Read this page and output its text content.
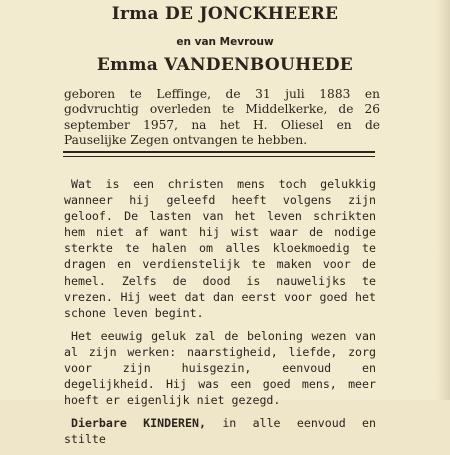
Irma DE JONCKHEERE
en van Mevrouw
Emma VANDENBOUHEDE
geboren te Leffinge, de 31 juli 1883 en godvruchtig overleden te Middelkerke, de 26 september 1957, na het H. Oliesel en de Pauselijke Zegen ontvangen te hebben.

 Wat is een christen mens toch gelukkig wanneer hij geleefd heeft volgens zijn geloof. De lasten van het leven schrikten hem niet af want hij wist waar de nodige sterkte te halen om alles kloekmoedig te dragen en verdienstelijk te maken voor de hemel. Zelfs de dood is nauwelijks te vrezen. Hij weet dat dan eerst voor goed het schone leven begint.

 Het eeuwig geluk zal de beloning wezen van al zijn werken: naarstigheid, liefde, zorg voor zijn huisgezin, eenvoud en degelijkheid. Hij was een goed mens, meer hoeft er eigenlijk niet gezegd.

 Dierbare KINDEREN, in alle eenvoud en stilte
